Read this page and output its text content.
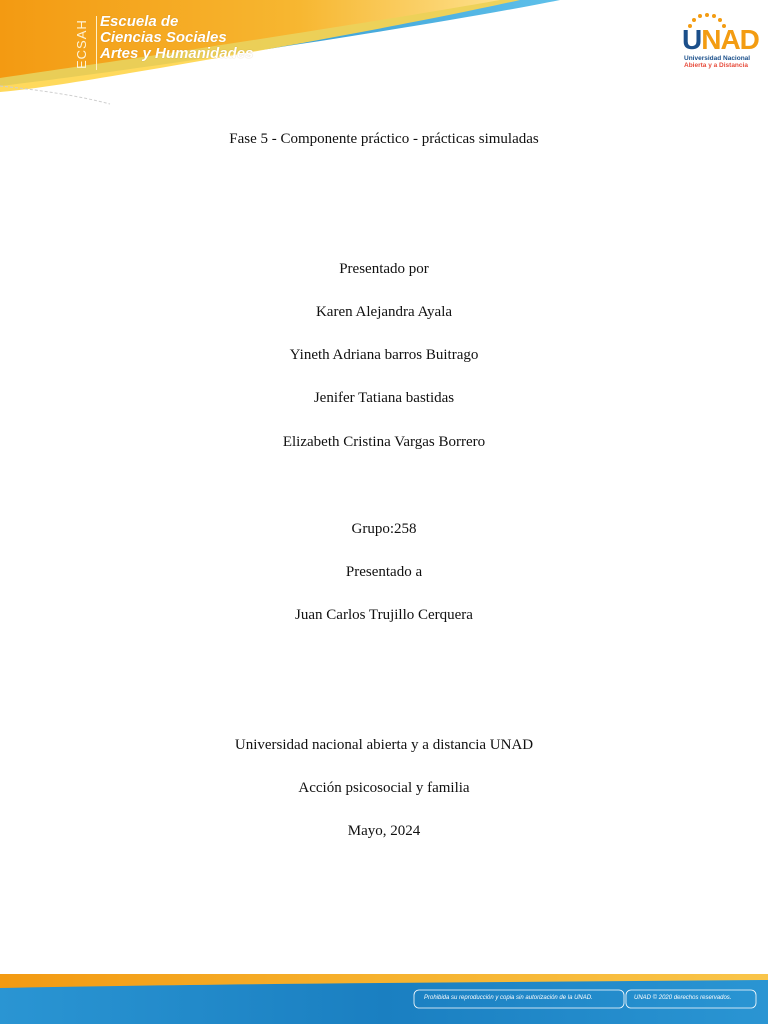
ECSAH Escuela de
Ciencias Sociales
Artes y Humanidades	UNAD
Universidad Nacional
Abierta y a Distancia
Fase 5 - Componente práctico - prácticas simuladas
Presentado por
Karen Alejandra Ayala
Yineth Adriana barros Buitrago
Jenifer Tatiana bastidas
Elizabeth Cristina Vargas Borrero
Grupo:258
Presentado a
Juan Carlos Trujillo Cerquera
Universidad nacional abierta y a distancia UNAD
Acción psicosocial y familia
Mayo, 2024
Prohibida su reproducción y copia sin autorización de la UNAD.	UNAD © 2020 derechos reservados.
